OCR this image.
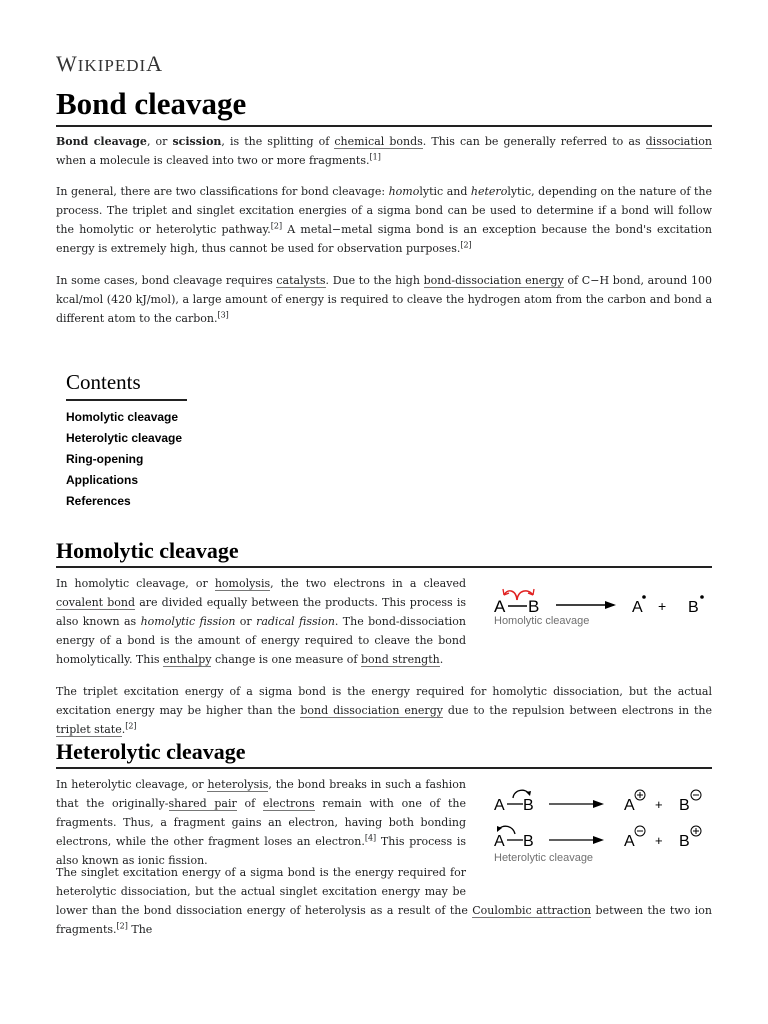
WIKIPEDIA
Bond cleavage

Bond cleavage, or scission, is the splitting of chemical bonds. This can be generally referred to as dissociation when a molecule is cleaved into two or more fragments.[1]

In general, there are two classifications for bond cleavage: homolytic and heterolytic, depending on the nature of the process. The triplet and singlet excitation energies of a sigma bond can be used to determine if a bond will follow the homolytic or heterolytic pathway.[2] A metal−metal sigma bond is an exception because the bond's excitation energy is extremely high, thus cannot be used for observation purposes.[2]

In some cases, bond cleavage requires catalysts. Due to the high bond-dissociation energy of C−H bond, around 100 kcal/mol (420 kJ/mol), a large amount of energy is required to cleave the hydrogen atom from the carbon and bond a different atom to the carbon.[3]

Contents
Homolytic cleavage
Heterolytic cleavage
Ring-opening
Applications
References
Homolytic cleavage

In homolytic cleavage, or homolysis, the two electrons in a cleaved covalent bond are divided equally between the products. This process is also known as homolytic fission or radical fission. The bond-dissociation energy of a bond is the amount of energy required to cleave the bond homolytically. This enthalpy change is one measure of bond strength.

A B	A + B
Homolytic cleavage

The triplet excitation energy of a sigma bond is the energy required for homolytic dissociation, but the actual excitation energy may be higher than the bond dissociation energy due to the repulsion between electrons in the triplet state.[2]

Heterolytic cleavage

In heterolytic cleavage, or heterolysis, the bond breaks in such a fashion that the originally-shared pair of electrons remain with one of the fragments. Thus, a fragment gains an electron, having both bonding electrons, while the other fragment loses an electron.[4] This process is also known as ionic fission.

A B	A + B
A B	A + B
Heterolytic cleavage

The singlet excitation energy of a sigma bond is the energy required for heterolytic dissociation, but the actual singlet excitation energy may be lower than the bond dissociation energy of heterolysis as a result of the Coulombic attraction between the two ion fragments.[2] The
